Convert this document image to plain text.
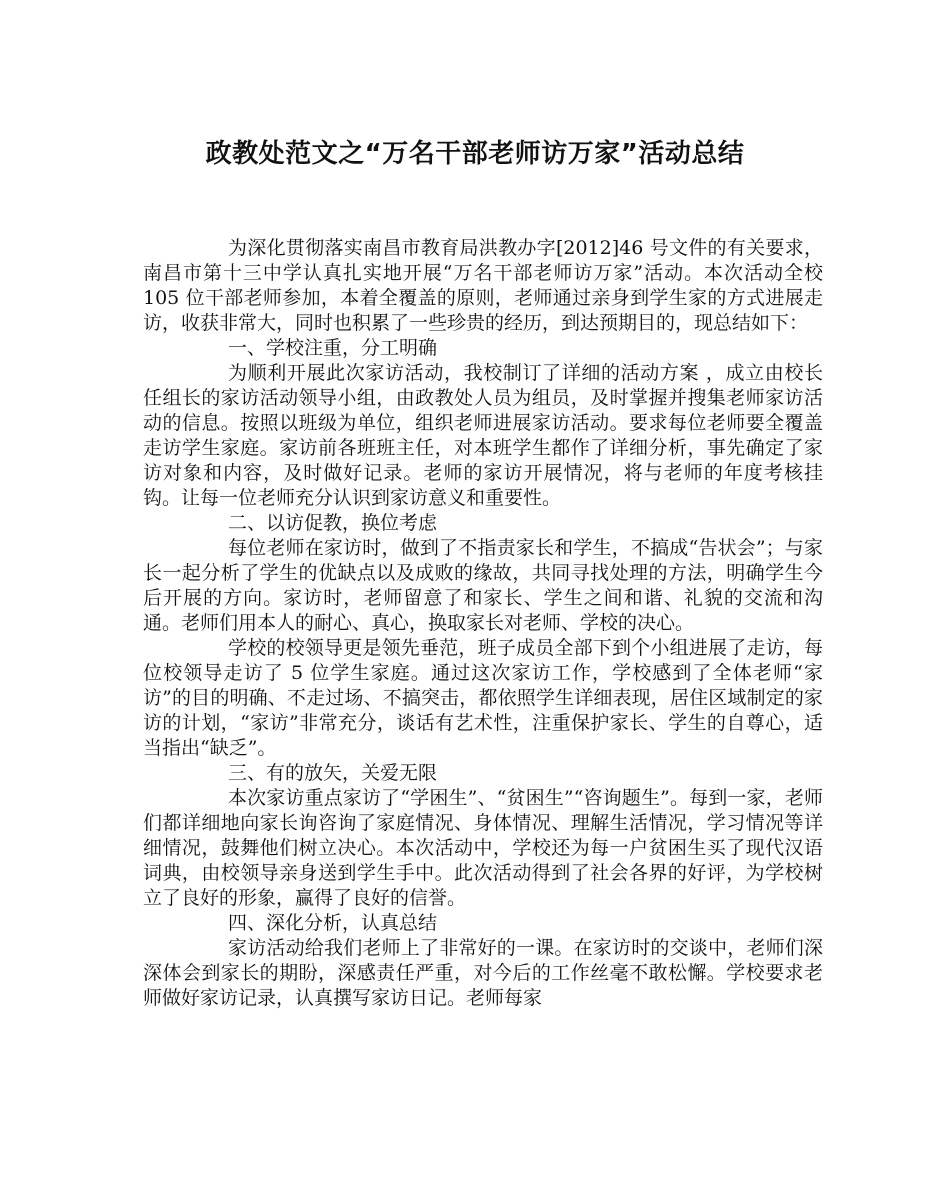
政教处范文之“万名干部老师访万家”活动总结

为深化贯彻落实南昌市教育局洪教办字[2012]46 号文件的有关要求，南昌市第十三中学认真扎实地开展“万名干部老师访万家”活动。本次活动全校 105 位干部老师参加，本着全覆盖的原则，老师通过亲身到学生家的方式进展走访，收获非常大，同时也积累了一些珍贵的经历，到达预期目的，现总结如下：

一、学校注重，分工明确

为顺利开展此次家访活动，我校制订了详细的活动方案 ，成立由校长任组长的家访活动领导小组，由政教处人员为组员，及时掌握并搜集老师家访活动的信息。按照以班级为单位，组织老师进展家访活动。要求每位老师要全覆盖走访学生家庭。家访前各班班主任，对本班学生都作了详细分析，事先确定了家访对象和内容，及时做好记录。老师的家访开展情况，将与老师的年度考核挂钩。让每一位老师充分认识到家访意义和重要性。

二、以访促教，换位考虑

每位老师在家访时，做到了不指责家长和学生，不搞成“告状会”；与家长一起分析了学生的优缺点以及成败的缘故，共同寻找处理的方法，明确学生今后开展的方向。家访时，老师留意了和家长、学生之间和谐、礼貌的交流和沟通。老师们用本人的耐心、真心，换取家长对老师、学校的决心。

学校的校领导更是领先垂范，班子成员全部下到个小组进展了走访，每位校领导走访了 5 位学生家庭。通过这次家访工作，学校感到了全体老师“家访”的目的明确、不走过场、不搞突击，都依照学生详细表现，居住区域制定的家访的计划，“家访”非常充分，谈话有艺术性，注重保护家长、学生的自尊心，适当指出“缺乏”。

三、有的放矢，关爱无限

本次家访重点家访了“学困生”、“贫困生”“咨询题生”。每到一家，老师们都详细地向家长询咨询了家庭情况、身体情况、理解生活情况，学习情况等详细情况，鼓舞他们树立决心。本次活动中，学校还为每一户贫困生买了现代汉语词典，由校领导亲身送到学生手中。此次活动得到了社会各界的好评，为学校树立了良好的形象，赢得了良好的信誉。

四、深化分析，认真总结

家访活动给我们老师上了非常好的一课。在家访时的交谈中，老师们深深体会到家长的期盼，深感责任严重，对今后的工作丝毫不敢松懈。学校要求老师做好家访记录，认真撰写家访日记。老师每家
